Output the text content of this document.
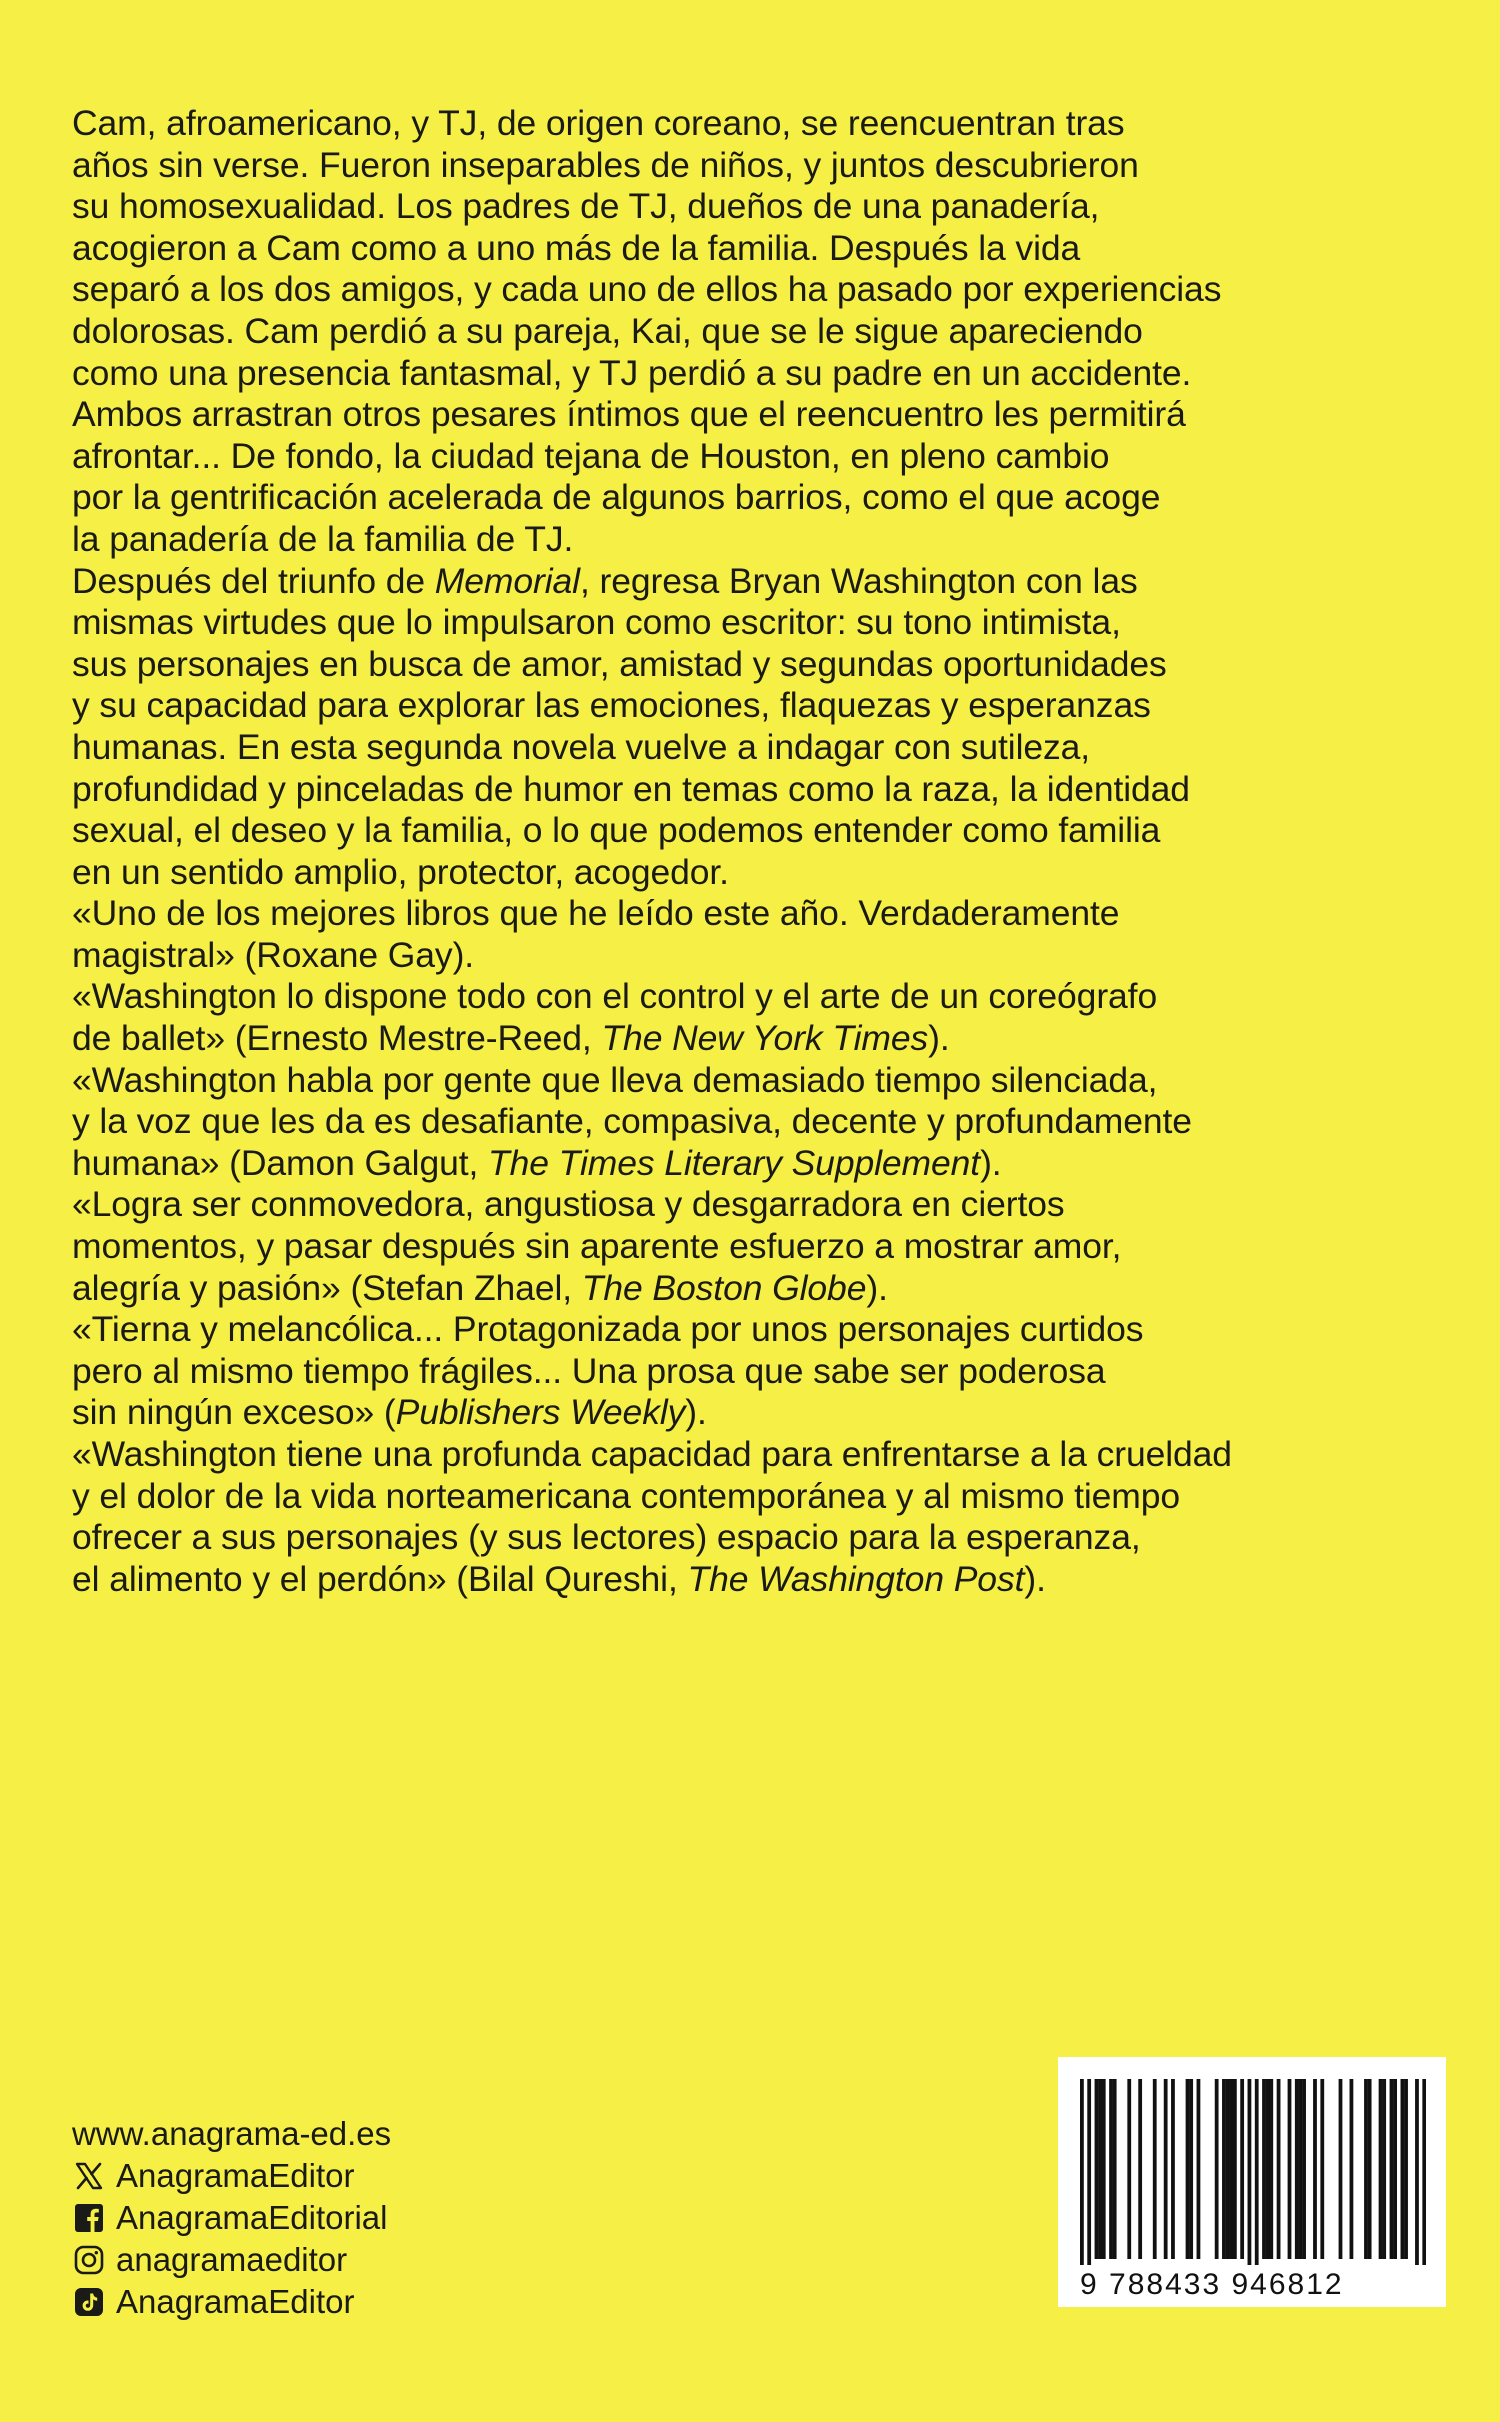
Cam, afroamericano, y TJ, de origen coreano, se reencuentran tras
años sin verse. Fueron inseparables de niños, y juntos descubrieron
su homosexualidad. Los padres de TJ, dueños de una panadería,
acogieron a Cam como a uno más de la familia. Después la vida
separó a los dos amigos, y cada uno de ellos ha pasado por experiencias
dolorosas. Cam perdió a su pareja, Kai, que se le sigue apareciendo
como una presencia fantasmal, y TJ perdió a su padre en un accidente.
Ambos arrastran otros pesares íntimos que el reencuentro les permitirá
afrontar... De fondo, la ciudad tejana de Houston, en pleno cambio
por la gentrificación acelerada de algunos barrios, como el que acoge
la panadería de la familia de TJ.

Después del triunfo de Memorial, regresa Bryan Washington con las
mismas virtudes que lo impulsaron como escritor: su tono intimista,
sus personajes en busca de amor, amistad y segundas oportunidades
y su capacidad para explorar las emociones, flaquezas y esperanzas
humanas. En esta segunda novela vuelve a indagar con sutileza,
profundidad y pinceladas de humor en temas como la raza, la identidad
sexual, el deseo y la familia, o lo que podemos entender como familia
en un sentido amplio, protector, acogedor.

«Uno de los mejores libros que he leído este año. Verdaderamente
magistral» (Roxane Gay).

«Washington lo dispone todo con el control y el arte de un coreógrafo
de ballet» (Ernesto Mestre-Reed, The New York Times).

«Washington habla por gente que lleva demasiado tiempo silenciada,
y la voz que les da es desafiante, compasiva, decente y profundamente
humana» (Damon Galgut, The Times Literary Supplement).

«Logra ser conmovedora, angustiosa y desgarradora en ciertos
momentos, y pasar después sin aparente esfuerzo a mostrar amor,
alegría y pasión» (Stefan Zhael, The Boston Globe).

«Tierna y melancólica... Protagonizada por unos personajes curtidos
pero al mismo tiempo frágiles... Una prosa que sabe ser poderosa
sin ningún exceso» (Publishers Weekly).

«Washington tiene una profunda capacidad para enfrentarse a la crueldad
y el dolor de la vida norteamericana contemporánea y al mismo tiempo
ofrecer a sus personajes (y sus lectores) espacio para la esperanza,
el alimento y el perdón» (Bilal Qureshi, The Washington Post).

www.anagrama-ed.es
AnagramaEditor
AnagramaEditorial
anagramaeditor
AnagramaEditor	9 788433 946812
